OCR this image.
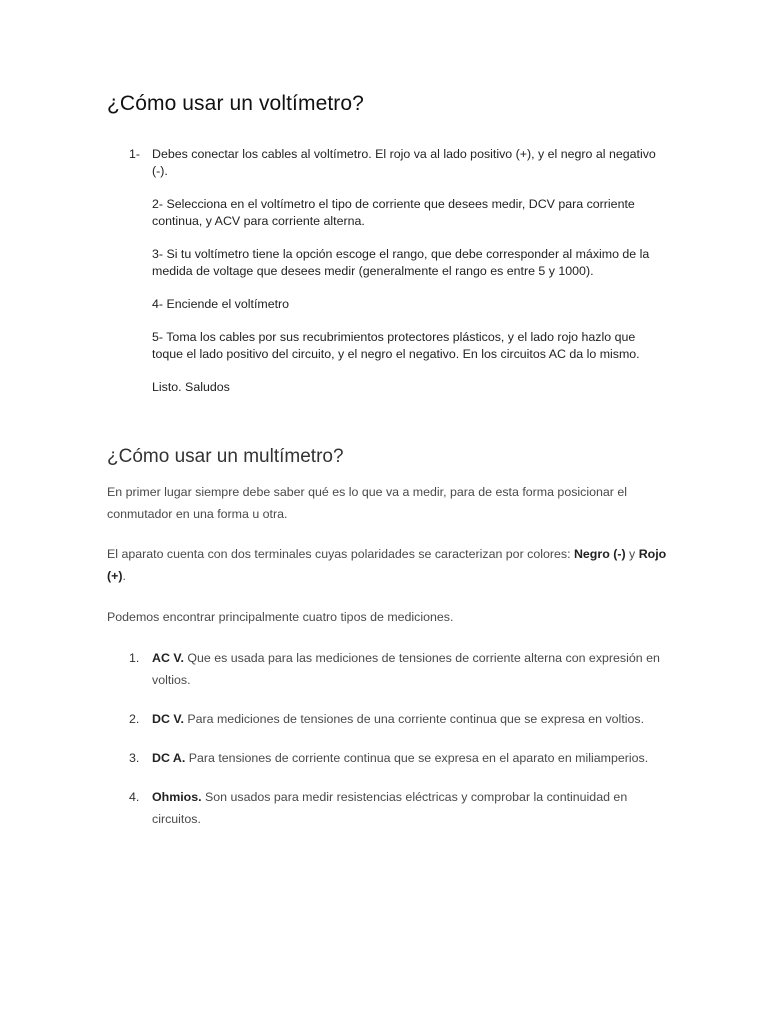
¿Cómo usar un voltímetro?
1- Debes conectar los cables al voltímetro. El rojo va al lado positivo (+), y el negro al negativo (-).
2- Selecciona en el voltímetro el tipo de corriente que desees medir, DCV para corriente continua, y ACV para corriente alterna.
3- Si tu voltímetro tiene la opción escoge el rango, que debe corresponder al máximo de la medida de voltage que desees medir (generalmente el rango es entre 5 y 1000).
4- Enciende el voltímetro
5- Toma los cables por sus recubrimientos protectores plásticos, y el lado rojo hazlo que toque el lado positivo del circuito, y el negro el negativo. En los circuitos AC da lo mismo.
Listo. Saludos
¿Cómo usar un multímetro?

En primer lugar siempre debe saber qué es lo que va a medir, para de esta forma posicionar el conmutador en una forma u otra.

El aparato cuenta con dos terminales cuyas polaridades se caracterizan por colores: Negro (-) y Rojo (+).

Podemos encontrar principalmente cuatro tipos de mediciones.

1. AC V. Que es usada para las mediciones de tensiones de corriente alterna con expresión en voltios.
2. DC V. Para mediciones de tensiones de una corriente continua que se expresa en voltios.
3. DC A. Para tensiones de corriente continua que se expresa en el aparato en miliamperios.
4. Ohmios. Son usados para medir resistencias eléctricas y comprobar la continuidad en circuitos.
